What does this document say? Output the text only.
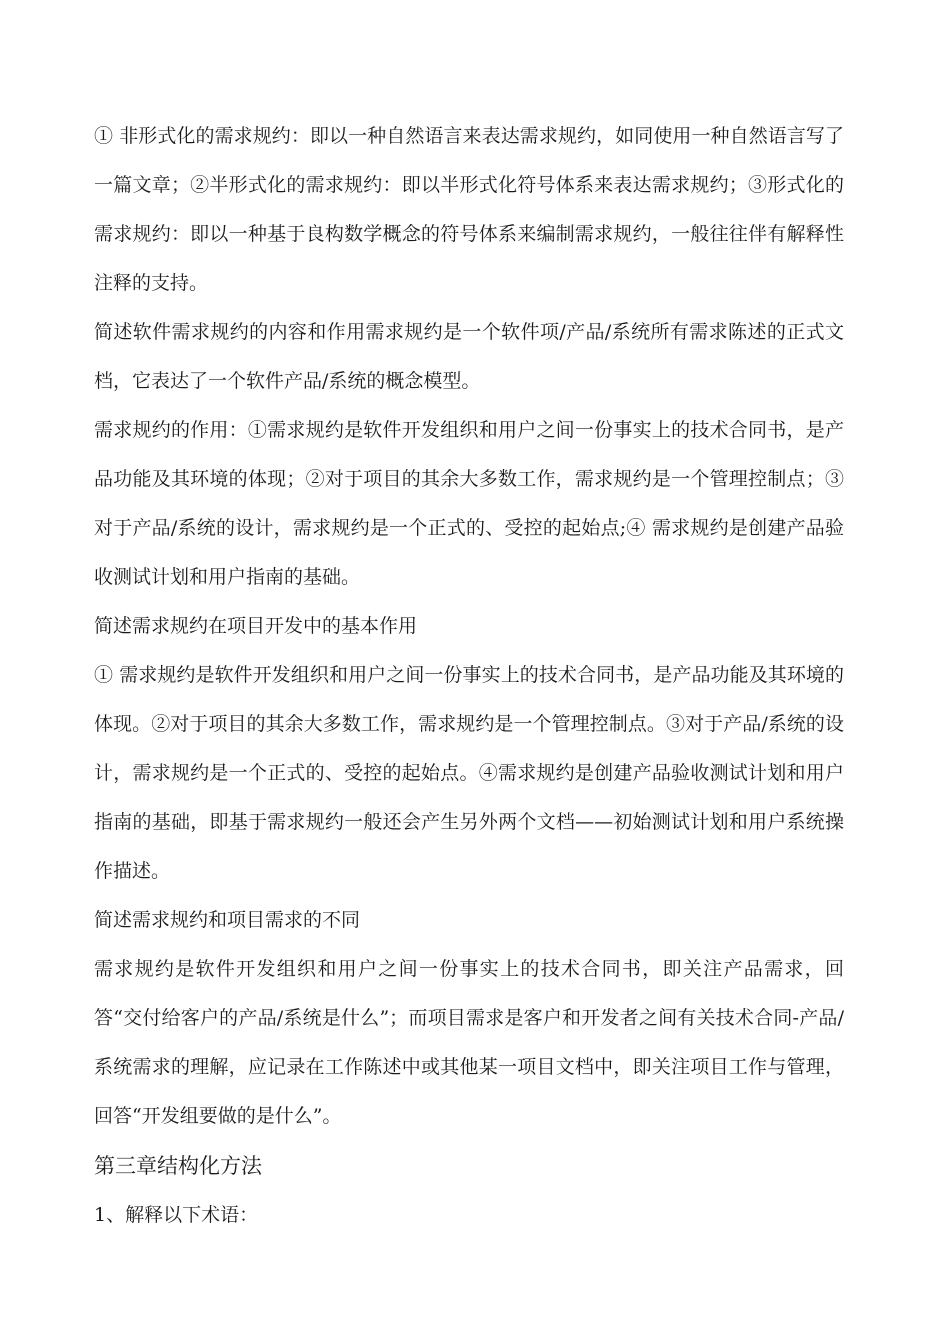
① 非形式化的需求规约：即以一种自然语言来表达需求规约，如同使用一种自然语言写了一篇文章；②半形式化的需求规约：即以半形式化符号体系来表达需求规约；③形式化的需求规约：即以一种基于良构数学概念的符号体系来编制需求规约，一般往往伴有解释性注释的支持。

简述软件需求规约的内容和作用需求规约是一个软件项/产品/系统所有需求陈述的正式文档，它表达了一个软件产品/系统的概念模型。

需求规约的作用：①需求规约是软件开发组织和用户之间一份事实上的技术合同书，是产品功能及其环境的体现；②对于项目的其余大多数工作，需求规约是一个管理控制点；③对于产品/系统的设计，需求规约是一个正式的、受控的起始点;④ 需求规约是创建产品验收测试计划和用户指南的基础。

简述需求规约在项目开发中的基本作用

① 需求规约是软件开发组织和用户之间一份事实上的技术合同书，是产品功能及其环境的体现。②对于项目的其余大多数工作，需求规约是一个管理控制点。③对于产品/系统的设计，需求规约是一个正式的、受控的起始点。④需求规约是创建产品验收测试计划和用户指南的基础，即基于需求规约一般还会产生另外两个文档——初始测试计划和用户系统操作描述。

简述需求规约和项目需求的不同

需求规约是软件开发组织和用户之间一份事实上的技术合同书，即关注产品需求，回答“交付给客户的产品/系统是什么”；而项目需求是客户和开发者之间有关技术合同-产品/系统需求的理解，应记录在工作陈述中或其他某一项目文档中，即关注项目工作与管理，回答“开发组要做的是什么”。

第三章结构化方法

1、解释以下术语：
